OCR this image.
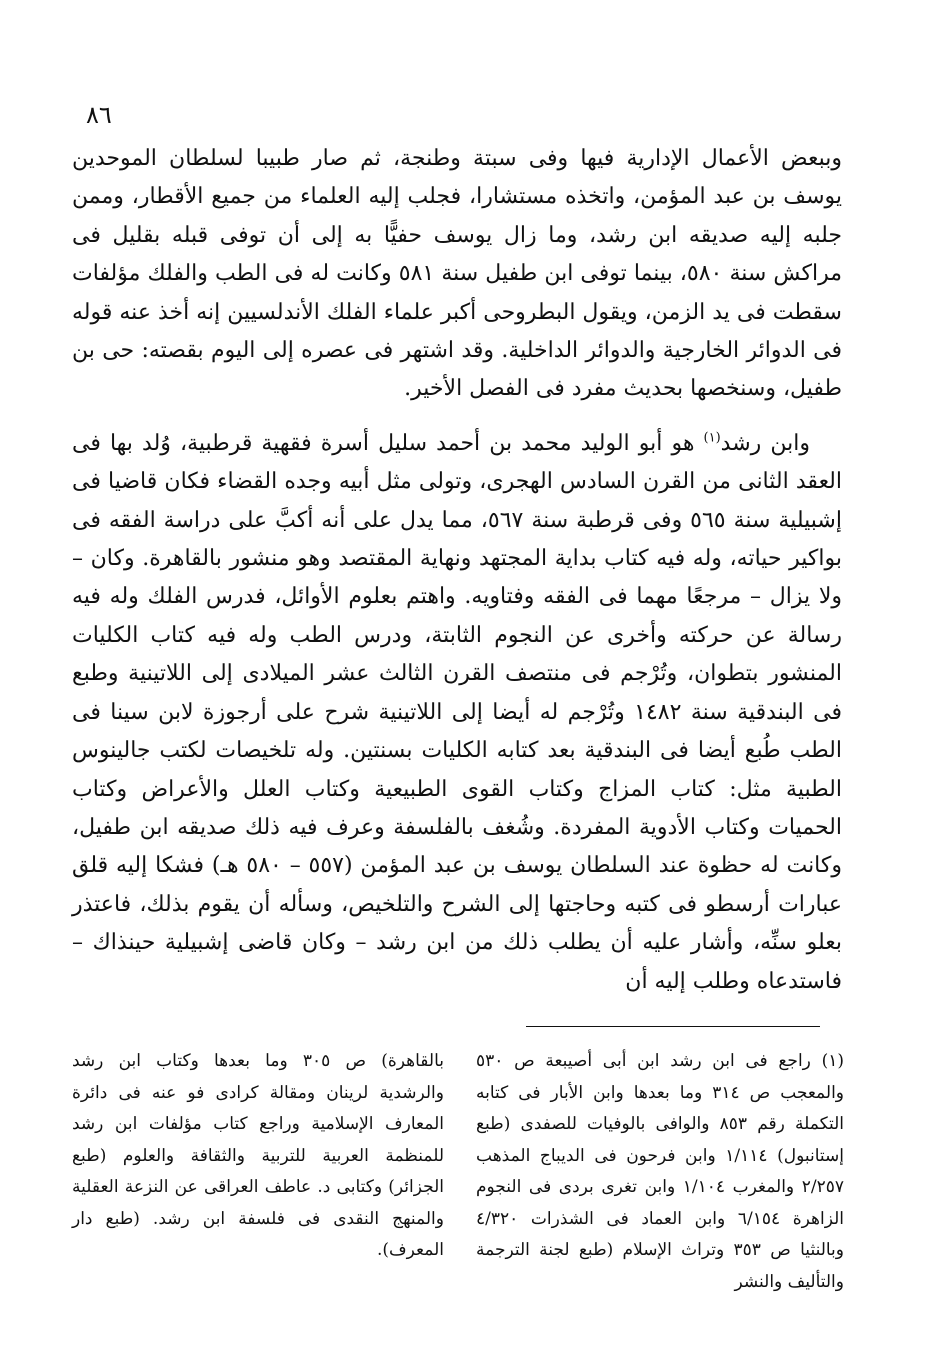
٨٦

وببعض الأعمال الإدارية فيها وفى سبتة وطنجة، ثم صار طبيبا لسلطان الموحدين يوسف بن عبد المؤمن، واتخذه مستشارا، فجلب إليه العلماء من جميع الأقطار، وممن جلبه إليه صديقه ابن رشد، وما زال يوسف حفيًّا به إلى أن توفى قبله بقليل فى مراكش سنة ٥٨٠، بينما توفى ابن طفيل سنة ٥٨١ وكانت له فى الطب والفلك مؤلفات سقطت فى يد الزمن، ويقول البطروحى أكبر علماء الفلك الأندلسيين إنه أخذ عنه قوله فى الدوائر الخارجية والدوائر الداخلية. وقد اشتهر فى عصره إلى اليوم بقصته: حى بن طفيل، وسنخصها بحديث مفرد فى الفصل الأخير.

وابن رشد$^{(١)}$ هو أبو الوليد محمد بن أحمد سليل أسرة فقهية قرطبية، وُلد بها فى العقد الثانى من القرن السادس الهجرى، وتولى مثل أبيه وجده القضاء فكان قاضيا فى إشبيلية سنة ٥٦٥ وفى قرطبة سنة ٥٦٧، مما يدل على أنه أكبَّ على دراسة الفقه فى بواكير حياته، وله فيه كتاب بداية المجتهد ونهاية المقتصد وهو منشور بالقاهرة. وكان – ولا يزال – مرجعًا مهما فى الفقه وفتاويه. واهتم بعلوم الأوائل، فدرس الفلك وله فيه رسالة عن حركته وأخرى عن النجوم الثابتة، ودرس الطب وله فيه كتاب الكليات المنشور بتطوان، وتُرْجم فى منتصف القرن الثالث عشر الميلادى إلى اللاتينية وطبع فى البندقية سنة ١٤٨٢ وتُرْجم له أيضا إلى اللاتينية شرح على أرجوزة لابن سينا فى الطب طُبع أيضا فى البندقية بعد كتابه الكليات بسنتين. وله تلخيصات لكتب جالينوس الطبية مثل: كتاب المزاج وكتاب القوى الطبيعية وكتاب العلل والأعراض وكتاب الحميات وكتاب الأدوية المفردة. وشُغف بالفلسفة وعرف فيه ذلك صديقه ابن طفيل، وكانت له حظوة عند السلطان يوسف بن عبد المؤمن (٥٥٧ – ٥٨٠ هـ) فشكا إليه قلق عبارات أرسطو فى كتبه وحاجتها إلى الشرح والتلخيص، وسأله أن يقوم بذلك، فاعتذر بعلو سنِّه، وأشار عليه أن يطلب ذلك من ابن رشد – وكان قاضى إشبيلية حينذاك – فاستدعاه وطلب إليه أن

(١) راجع فى ابن رشد ابن أبى أصيبعة ص ٥٣٠ والمعجب ص ٣١٤ وما بعدها وابن الأبار فى كتابه التكملة رقم ٨٥٣ والوافى بالوفيات للصفدى (طبع إستانبول) ١/١١٤ وابن فرحون فى الديباج المذهب ٢/٢٥٧ والمغرب ١/١٠٤ وابن تغرى بردى فى النجوم الزاهرة ٦/١٥٤ وابن العماد فى الشذرات ٤/٣٢٠ وبالنثيا ص ٣٥٣ وتراث الإسلام (طبع لجنة الترجمة والتأليف والنشر

بالقاهرة) ص ٣٠٥ وما بعدها وكتاب ابن رشد والرشدية لرينان ومقالة كرادى فو عنه فى دائرة المعارف الإسلامية وراجع كتاب مؤلفات ابن رشد للمنظمة العربية للتربية والثقافة والعلوم (طبع الجزائر) وكتابى د. عاطف العراقى عن النزعة العقلية والمنهج النقدى فى فلسفة ابن رشد. (طبع دار المعرف).
